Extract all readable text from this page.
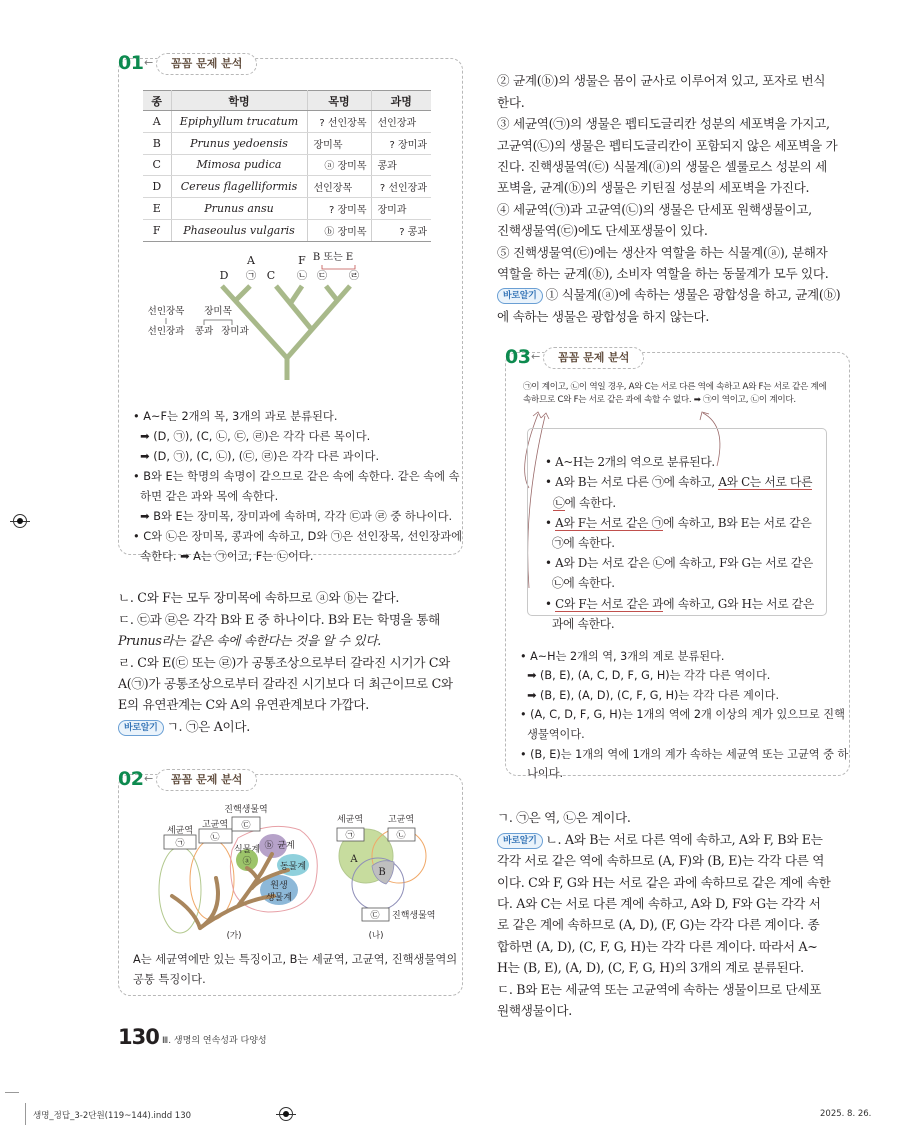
01 ←	꼼꼼 문제 분석
종	학명	목명	과명
A	Epiphyllum trucatum	? 선인장목	선인장과
B	Prunus yedoensis	장미목	? 장미과
C	Mimosa pudica	ⓐ 장미목	콩과
D	Cereus flagelliformis	선인장목	? 선인장과
E	Prunus ansu	? 장미목	장미과
F	Phaseoulus vulgaris	ⓑ 장미목	? 콩과
D
A
㉠ C
F
㉡
B 또는 E
㉢ ㉣
선인장목
선인장과
장미목
콩과 장미과

• A~F는 2개의 목, 3개의 과로 분류된다.
➡ (D, ㉠), (C, ㉡, ㉢, ㉣)은 각각 다른 목이다.
➡ (D, ㉠), (C, ㉡), (㉢, ㉣)은 각각 다른 과이다.
• B와 E는 학명의 속명이 같으므로 같은 속에 속한다. 같은 속에 속
하면 같은 과와 목에 속한다.
➡ B와 E는 장미목, 장미과에 속하며, 각각 ㉢과 ㉣ 중 하나이다.
• C와 ㉡은 장미목, 콩과에 속하고, D와 ㉠은 선인장목, 선인장과에
속한다. ➡ A는 ㉠이고, F는 ㉡이다.

ㄴ. C와 F는 모두 장미목에 속하므로 ⓐ와 ⓑ는 같다.
ㄷ. ㉢과 ㉣은 각각 B와 E 중 하나이다. B와 E는 학명을 통해
Prunus라는 같은 속에 속한다는 것을 알 수 있다.
ㄹ. C와 E(㉢ 또는 ㉣)가 공통조상으로부터 갈라진 시기가 C와
A(㉠)가 공통조상으로부터 갈라진 시기보다 더 최근이므로 C와
E의 유연관계는 C와 A의 유연관계보다 가깝다.
바로알기 ㄱ. ㉠은 A이다.

02 ←	꼼꼼 문제 분석
세균역
㉠
고균역
㉡
진핵생물역
㉢
식물계
ⓐ
ⓑ 균계
동물계
원생
생물계
(가)
세균역
㉠
고균역
㉡
㉢ 진핵생물역
A
B
(나)
A는 세균역에만 있는 특징이고, B는 세균역, 고균역, 진핵생물역의
공통 특징이다.

② 균계(ⓑ)의 생물은 몸이 균사로 이루어져 있고, 포자로 번식
한다.
③ 세균역(㉠)의 생물은 펩티도글리칸 성분의 세포벽을 가지고,
고균역(㉡)의 생물은 펩티도글리칸이 포함되지 않은 세포벽을 가
진다. 진핵생물역(㉢) 식물계(ⓐ)의 생물은 셀룰로스 성분의 세
포벽을, 균계(ⓑ)의 생물은 키틴질 성분의 세포벽을 가진다.
④ 세균역(㉠)과 고균역(㉡)의 생물은 단세포 원핵생물이고,
진핵생물역(㉢)에도 단세포생물이 있다.
⑤ 진핵생물역(㉢)에는 생산자 역할을 하는 식물계(ⓐ), 분해자
역할을 하는 균계(ⓑ), 소비자 역할을 하는 동물계가 모두 있다.
바로알기 ① 식물계(ⓐ)에 속하는 생물은 광합성을 하고, 균계(ⓑ)
에 속하는 생물은 광합성을 하지 않는다.

03 ←	꼼꼼 문제 분석
㉠이 계이고, ㉡이 역일 경우, A와 C는 서로 다른 역에 속하고 A와 F는 서로 같은 계에
속하므로 C와 F는 서로 같은 과에 속할 수 없다. ➡ ㉠이 역이고, ㉡이 계이다.

• A~H는 2개의 역으로 분류된다.
• A와 B는 서로 다른 ㉠에 속하고, A와 C는 서로 다른
㉡에 속한다.
• A와 F는 서로 같은 ㉠에 속하고, B와 E는 서로 같은
㉠에 속한다.
• A와 D는 서로 같은 ㉡에 속하고, F와 G는 서로 같은
㉡에 속한다.
• C와 F는 서로 같은 과에 속하고, G와 H는 서로 같은
과에 속한다.

• A~H는 2개의 역, 3개의 계로 분류된다.
➡ (B, E), (A, C, D, F, G, H)는 각각 다른 역이다.
➡ (B, E), (A, D), (C, F, G, H)는 각각 다른 계이다.
• (A, C, D, F, G, H)는 1개의 역에 2개 이상의 계가 있으므로 진핵
생물역이다.
• (B, E)는 1개의 역에 1개의 계가 속하는 세균역 또는 고균역 중 하
나이다.

ㄱ. ㉠은 역, ㉡은 계이다.
바로알기 ㄴ. A와 B는 서로 다른 역에 속하고, A와 F, B와 E는
각각 서로 같은 역에 속하므로 (A, F)와 (B, E)는 각각 다른 역
이다. C와 F, G와 H는 서로 같은 과에 속하므로 같은 계에 속한
다. A와 C는 서로 다른 계에 속하고, A와 D, F와 G는 각각 서
로 같은 계에 속하므로 (A, D), (F, G)는 각각 다른 계이다. 종
합하면 (A, D), (C, F, G, H)는 각각 다른 계이다. 따라서 A~
H는 (B, E), (A, D), (C, F, G, H)의 3개의 계로 분류된다.
ㄷ. B와 E는 세균역 또는 고균역에 속하는 생물이므로 단세포
원핵생물이다.

130 Ⅲ. 생명의 연속성과 다양성
생명_정답_3-2단원(119~144).indd 130	2025. 8. 26.
